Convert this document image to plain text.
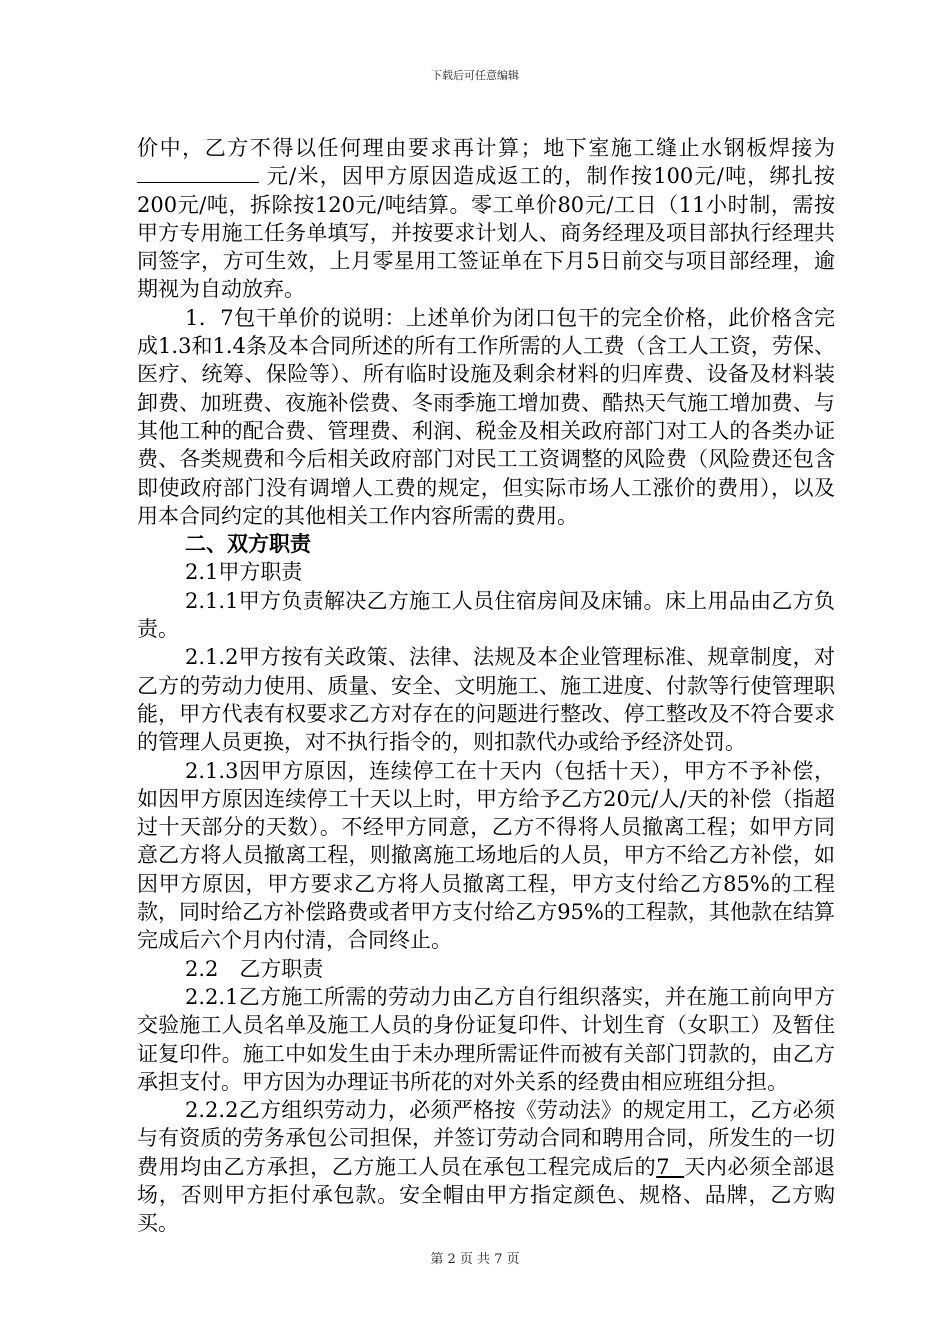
下载后可任意编辑

价中，乙方不得以任何理由要求再计算；地下室施工缝止水钢板焊接为 元/米，因甲方原因造成返工的，制作按100元/吨，绑扎按200元/吨，拆除按120元/吨结算。零工单价80元/工日（11小时制，需按甲方专用施工任务单填写，并按要求计划人、商务经理及项目部执行经理共同签字，方可生效，上月零星用工签证单在下月5日前交与项目部经理，逾期视为自动放弃。

1．7包干单价的说明：上述单价为闭口包干的完全价格，此价格含完成1.3和1.4条及本合同所述的所有工作所需的人工费（含工人工资，劳保、医疗、统筹、保险等）、所有临时设施及剩余材料的归库费、设备及材料装卸费、加班费、夜施补偿费、冬雨季施工增加费、酷热天气施工增加费、与其他工种的配合费、管理费、利润、税金及相关政府部门对工人的各类办证费、各类规费和今后相关政府部门对民工工资调整的风险费（风险费还包含即使政府部门没有调增人工费的规定，但实际市场人工涨价的费用），以及用本合同约定的其他相关工作内容所需的费用。

二、双方职责

2.1甲方职责

2.1.1甲方负责解决乙方施工人员住宿房间及床铺。床上用品由乙方负责。

2.1.2甲方按有关政策、法律、法规及本企业管理标准、规章制度，对乙方的劳动力使用、质量、安全、文明施工、施工进度、付款等行使管理职能，甲方代表有权要求乙方对存在的问题进行整改、停工整改及不符合要求的管理人员更换，对不执行指令的，则扣款代办或给予经济处罚。

2.1.3因甲方原因，连续停工在十天内（包括十天），甲方不予补偿，如因甲方原因连续停工十天以上时，甲方给予乙方20元/人/天的补偿（指超过十天部分的天数）。不经甲方同意，乙方不得将人员撤离工程；如甲方同意乙方将人员撤离工程，则撤离施工场地后的人员，甲方不给乙方补偿，如因甲方原因，甲方要求乙方将人员撤离工程，甲方支付给乙方85%的工程款，同时给乙方补偿路费或者甲方支付给乙方95%的工程款，其他款在结算完成后六个月内付清，合同终止。

2.2　乙方职责

2.2.1乙方施工所需的劳动力由乙方自行组织落实，并在施工前向甲方交验施工人员名单及施工人员的身份证复印件、计划生育（女职工）及暂住证复印件。施工中如发生由于未办理所需证件而被有关部门罚款的，由乙方承担支付。甲方因为办理证书所花的对外关系的经费由相应班组分担。

2.2.2乙方组织劳动力，必须严格按《劳动法》的规定用工，乙方必须与有资质的劳务承包公司担保，并签订劳动合同和聘用合同，所发生的一切费用均由乙方承担，乙方施工人员在承包工程完成后的7 天内必须全部退场，否则甲方拒付承包款。安全帽由甲方指定颜色、规格、品牌，乙方购买。

第 2 页 共 7 页
